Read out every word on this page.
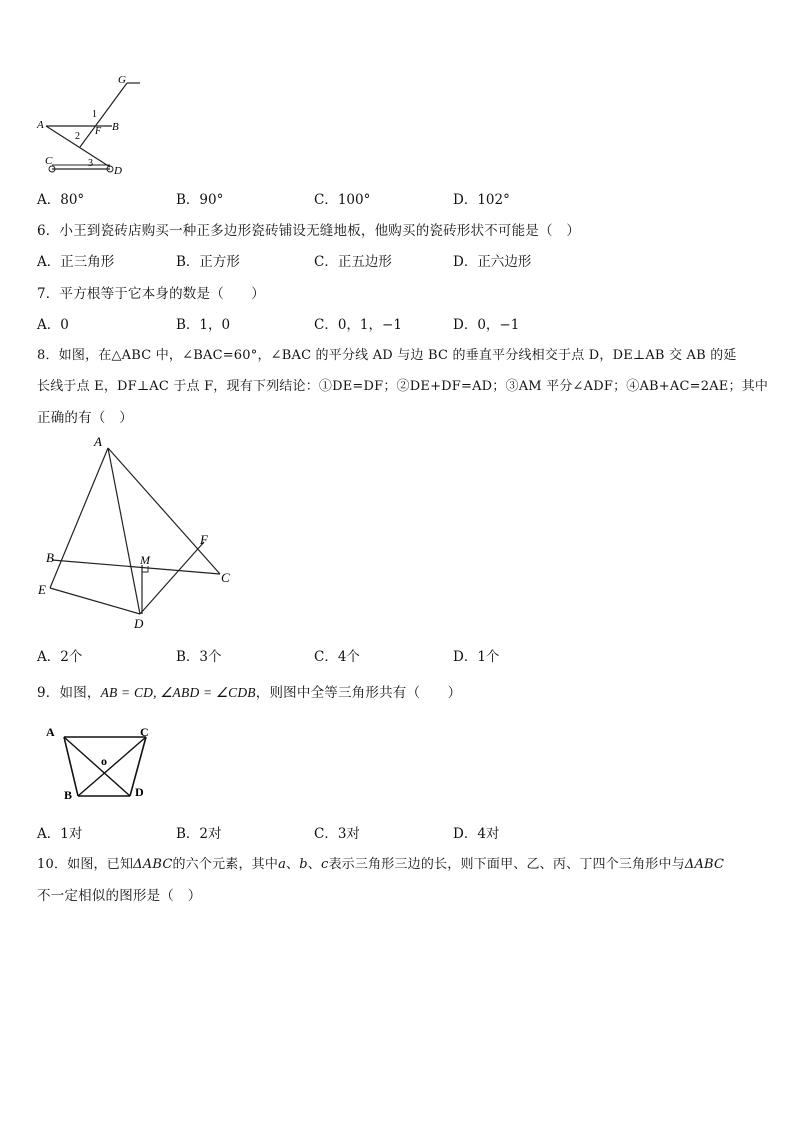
G
A	B
F
1
2
3
C
D
A．80°	B．90°	C．100°	D．102°
6．小王到瓷砖店购买一种正多边形瓷砖铺设无缝地板，他购买的瓷砖形状不可能是（　）
A．正三角形	B．正方形	C．正五边形	D．正六边形
7．平方根等于它本身的数是（　　）
A．0	B．1，0	C．0，1，−1	D．0，−1
8．如图，在△ABC 中，∠BAC=60°，∠BAC 的平分线 AD 与边 BC 的垂直平分线相交于点 D，DE⊥AB 交 AB 的延
长线于点 E，DF⊥AC 于点 F，现有下列结论：①DE=DF；②DE+DF=AD；③AM 平分∠ADF；④AB+AC=2AE；其中
正确的有（　）
A
B
E
M
F
C
D
A．2个	B．3个	C．4个	D．1个
9．如图，AB = CD, ∠ABD = ∠CDB，则图中全等三角形共有（　　）
A	C
o
B	D
A．1对	B．2对	C．3对	D．4对
10．如图，已知ΔABC的六个元素，其中a、b、c表示三角形三边的长，则下面甲、乙、丙、丁四个三角形中与ΔABC
不一定相似的图形是（　）
